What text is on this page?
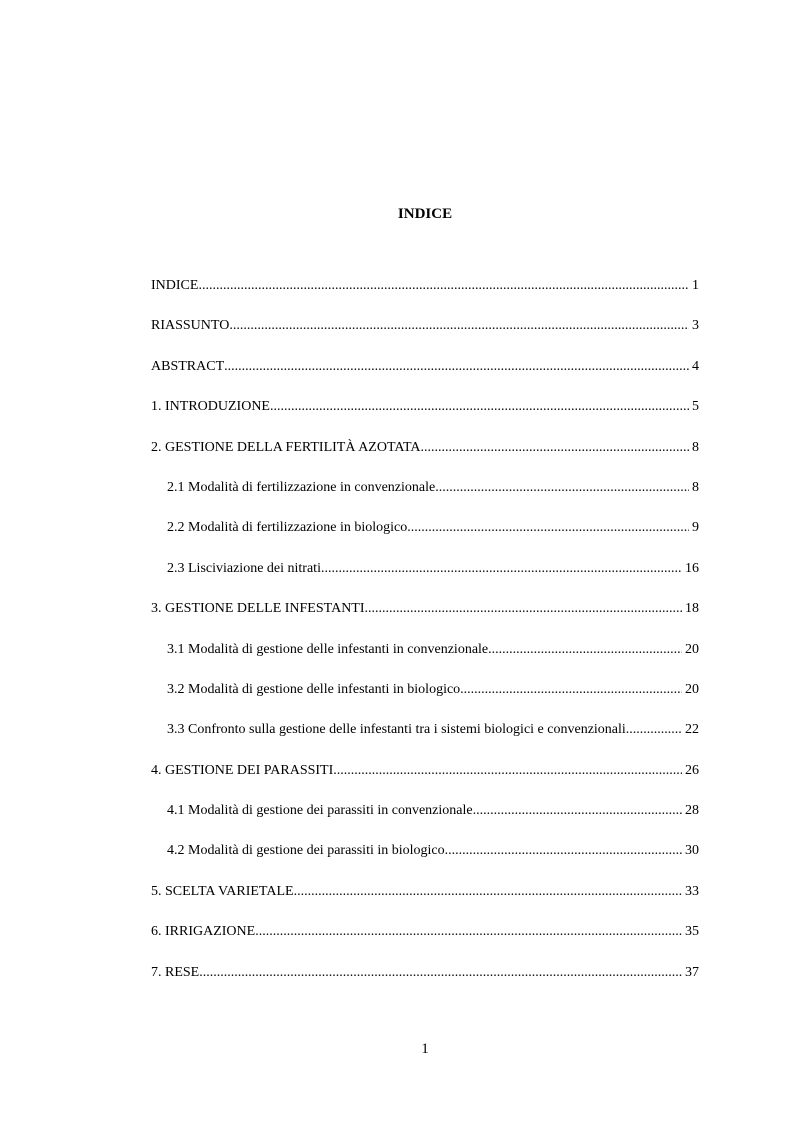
INDICE
INDICE .....	1
RIASSUNTO .....	3
ABSTRACT .....	4
1. INTRODUZIONE .....	5
2. GESTIONE DELLA FERTILITÀ AZOTATA .....	8
2.1 Modalità di fertilizzazione in convenzionale .....	8
2.2 Modalità di fertilizzazione in biologico .....	9
2.3 Lisciviazione dei nitrati .....	16
3. GESTIONE DELLE INFESTANTI .....	18
3.1 Modalità di gestione delle infestanti in convenzionale .....	20
3.2 Modalità di gestione delle infestanti in biologico .....	20
3.3 Confronto sulla gestione delle infestanti tra i sistemi biologici e convenzionali .....	22
4. GESTIONE DEI PARASSITI .....	26
4.1 Modalità di gestione dei parassiti in convenzionale .....	28
4.2 Modalità di gestione dei parassiti in biologico .....	30
5. SCELTA VARIETALE .....	33
6. IRRIGAZIONE .....	35
7. RESE .....	37
1
